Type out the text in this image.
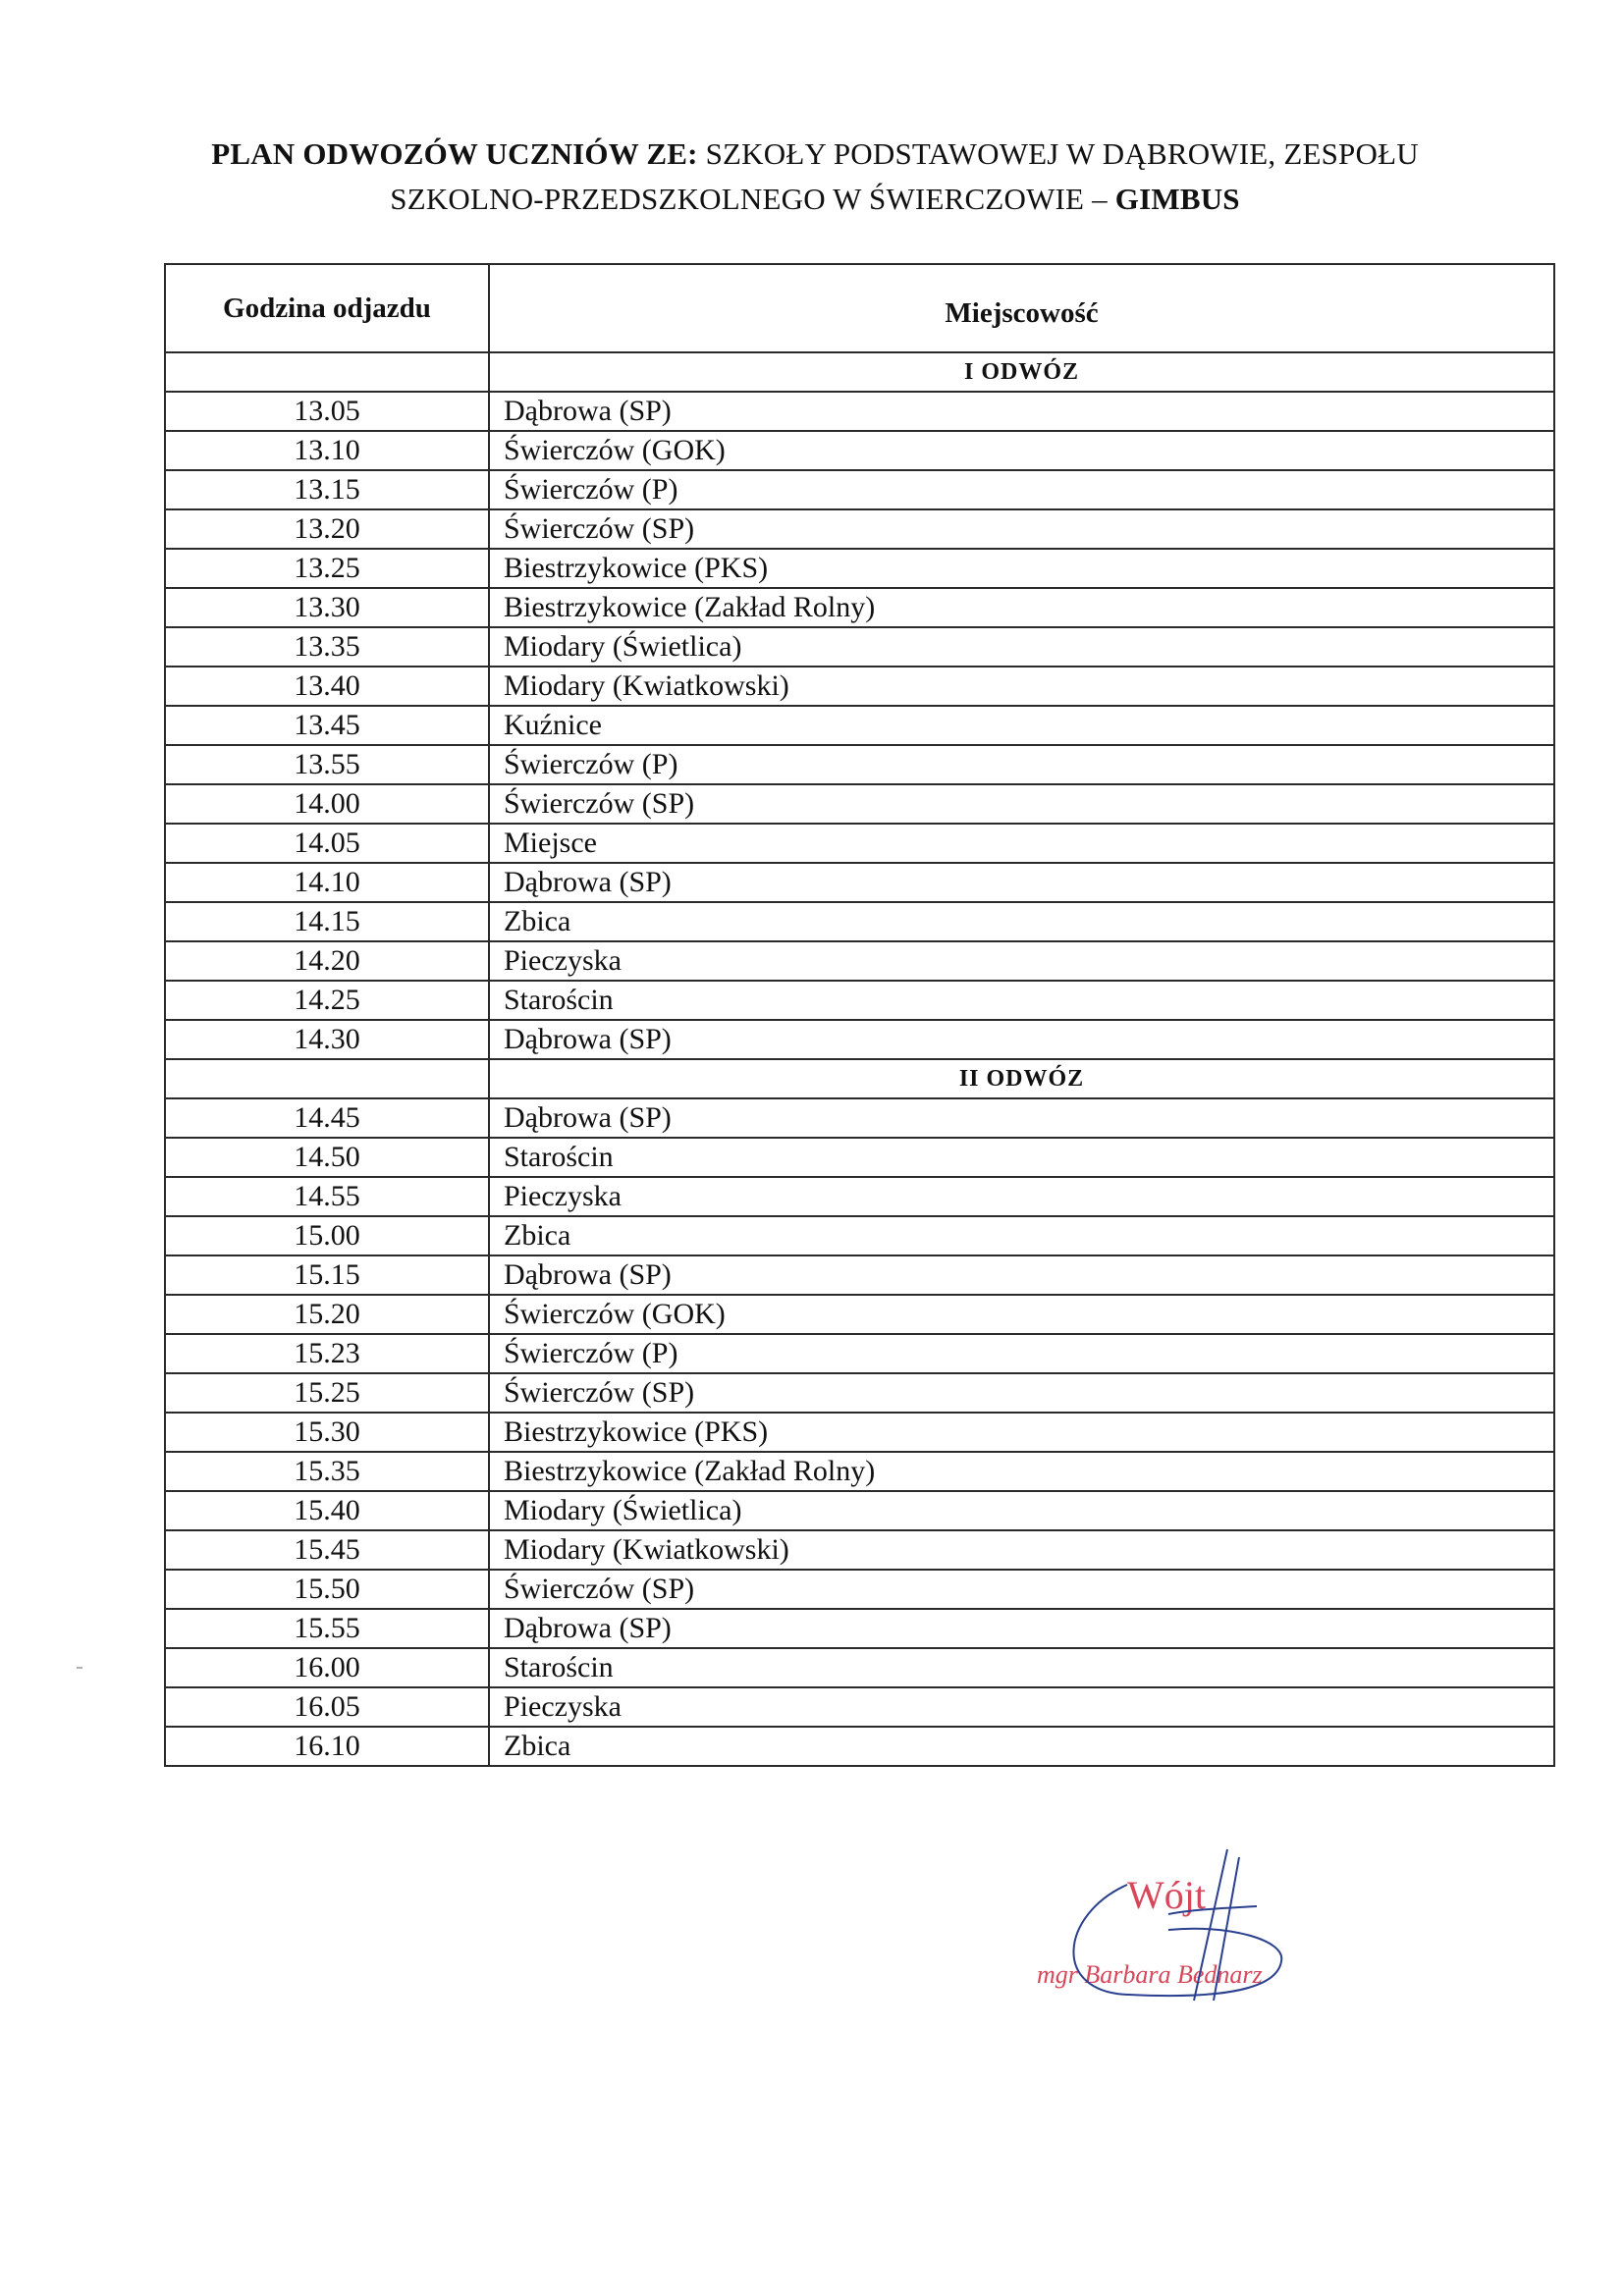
PLAN ODWOZÓW UCZNIÓW ZE: SZKOŁY PODSTAWOWEJ W DĄBROWIE, ZESPOŁU
SZKOLNO-PRZEDSZKOLNEGO W ŚWIERCZOWIE – GIMBUS
Godzina odjazdu	Miejscowość
	I ODWÓZ
13.05	Dąbrowa (SP)
13.10	Świerczów (GOK)
13.15	Świerczów (P)
13.20	Świerczów (SP)
13.25	Biestrzykowice (PKS)
13.30	Biestrzykowice (Zakład Rolny)
13.35	Miodary (Świetlica)
13.40	Miodary (Kwiatkowski)
13.45	Kuźnice
13.55	Świerczów (P)
14.00	Świerczów (SP)
14.05	Miejsce
14.10	Dąbrowa (SP)
14.15	Zbica
14.20	Pieczyska
14.25	Starościn
14.30	Dąbrowa (SP)
	II ODWÓZ
14.45	Dąbrowa (SP)
14.50	Starościn
14.55	Pieczyska
15.00	Zbica
15.15	Dąbrowa (SP)
15.20	Świerczów (GOK)
15.23	Świerczów (P)
15.25	Świerczów (SP)
15.30	Biestrzykowice (PKS)
15.35	Biestrzykowice (Zakład Rolny)
15.40	Miodary (Świetlica)
15.45	Miodary (Kwiatkowski)
15.50	Świerczów (SP)
15.55	Dąbrowa (SP)
16.00	Starościn
16.05	Pieczyska
16.10	Zbica
Wójt
mgr Barbara Bednarz
